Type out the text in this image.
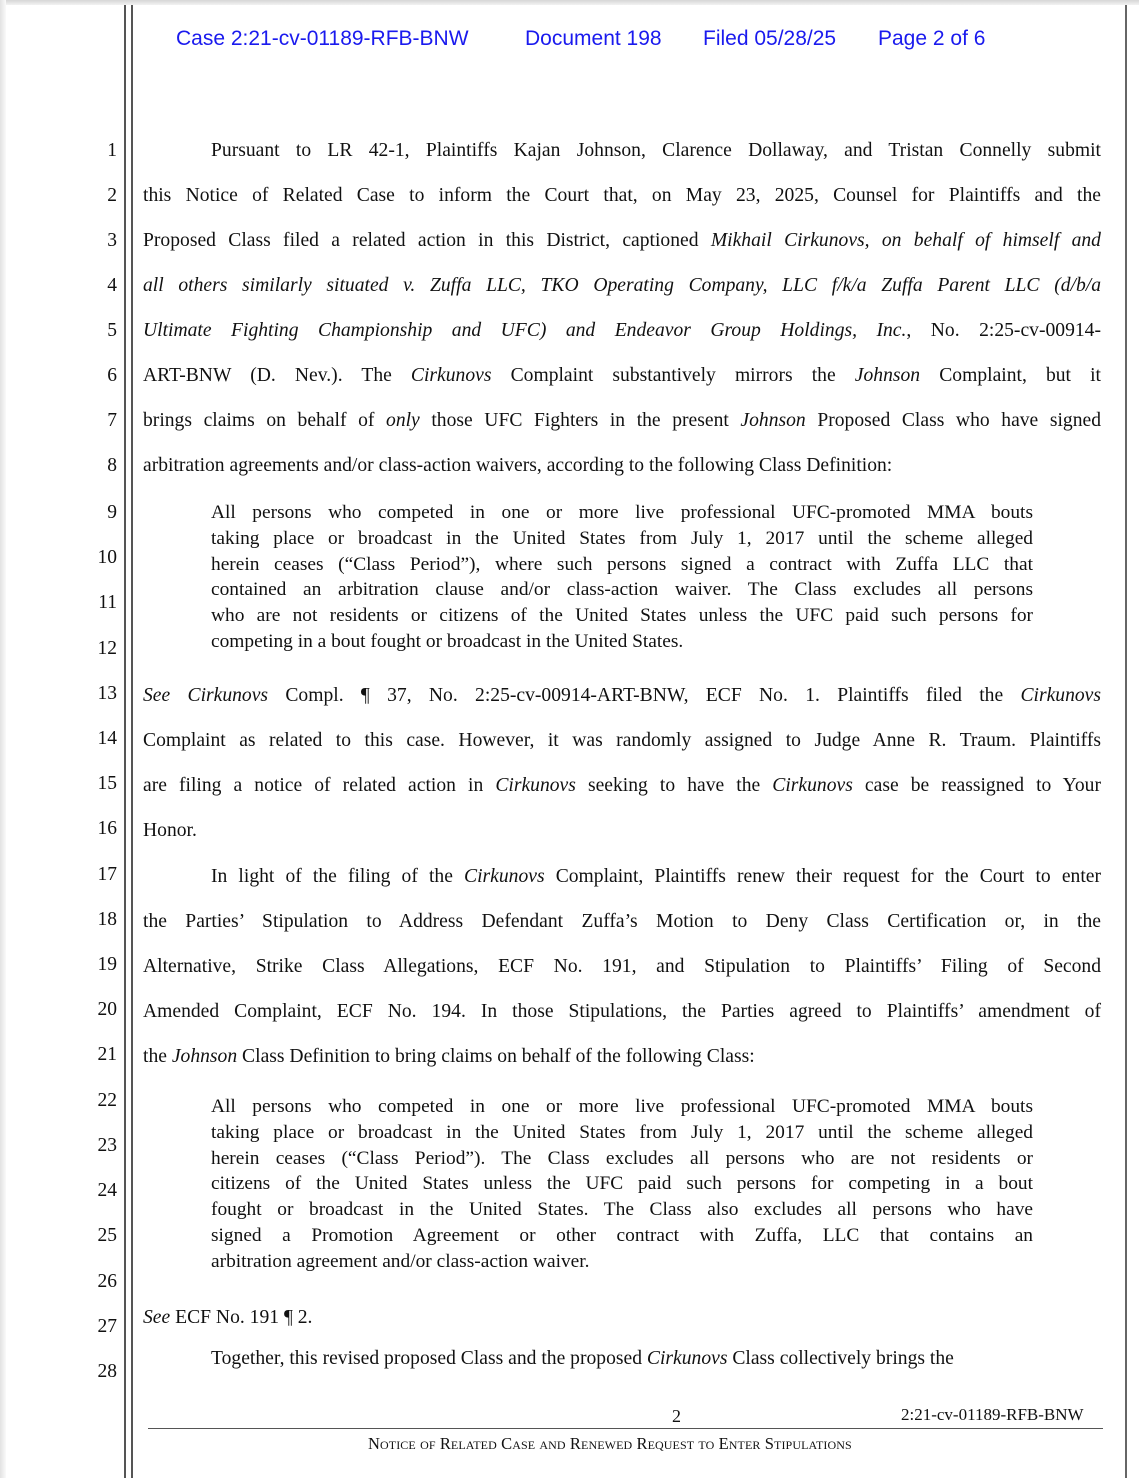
Case 2:21-cv-01189-RFB-BNW	Document 198 Filed 05/28/25 Page 2 of 6
1
2
3
4
5
6
7
8
9
10
11
12
13
14
15
16
17
18
19
20
21
22
23
24
25
26
27
28
Pursuant to LR 42-1, Plaintiffs Kajan Johnson, Clarence Dollaway, and Tristan Connelly submit
this Notice of Related Case to inform the Court that, on May 23, 2025, Counsel for Plaintiffs and the
Proposed Class filed a related action in this District, captioned Mikhail Cirkunovs, on behalf of himself and
all others similarly situated v. Zuffa LLC, TKO Operating Company, LLC f/k/a Zuffa Parent LLC (d/b/a
Ultimate Fighting Championship and UFC) and Endeavor Group Holdings, Inc., No. 2:25-cv-00914-
ART-BNW (D. Nev.). The Cirkunovs Complaint substantively mirrors the Johnson Complaint, but it
brings claims on behalf of only those UFC Fighters in the present Johnson Proposed Class who have signed
arbitration agreements and/or class-action waivers, according to the following Class Definition:
All persons who competed in one or more live professional UFC-promoted MMA bouts
taking place or broadcast in the United States from July 1, 2017 until the scheme alleged
herein ceases (“Class Period”), where such persons signed a contract with Zuffa LLC that
contained an arbitration clause and/or class-action waiver. The Class excludes all persons
who are not residents or citizens of the United States unless the UFC paid such persons for
competing in a bout fought or broadcast in the United States.
See Cirkunovs Compl. ¶ 37, No. 2:25-cv-00914-ART-BNW, ECF No. 1. Plaintiffs filed the Cirkunovs
Complaint as related to this case. However, it was randomly assigned to Judge Anne R. Traum. Plaintiffs
are filing a notice of related action in Cirkunovs seeking to have the Cirkunovs case be reassigned to Your
Honor.
In light of the filing of the Cirkunovs Complaint, Plaintiffs renew their request for the Court to enter
the Parties’ Stipulation to Address Defendant Zuffa’s Motion to Deny Class Certification or, in the
Alternative, Strike Class Allegations, ECF No. 191, and Stipulation to Plaintiffs’ Filing of Second
Amended Complaint, ECF No. 194. In those Stipulations, the Parties agreed to Plaintiffs’ amendment of
the Johnson Class Definition to bring claims on behalf of the following Class:
All persons who competed in one or more live professional UFC-promoted MMA bouts
taking place or broadcast in the United States from July 1, 2017 until the scheme alleged
herein ceases (“Class Period”). The Class excludes all persons who are not residents or
citizens of the United States unless the UFC paid such persons for competing in a bout
fought or broadcast in the United States. The Class also excludes all persons who have
signed a Promotion Agreement or other contract with Zuffa, LLC that contains an
arbitration agreement and/or class-action waiver.
See ECF No. 191 ¶ 2.
Together, this revised proposed Class and the proposed Cirkunovs Class collectively brings the
2	2:21-cv-01189-RFB-BNW
Notice of Related Case and Renewed Request to Enter Stipulations
